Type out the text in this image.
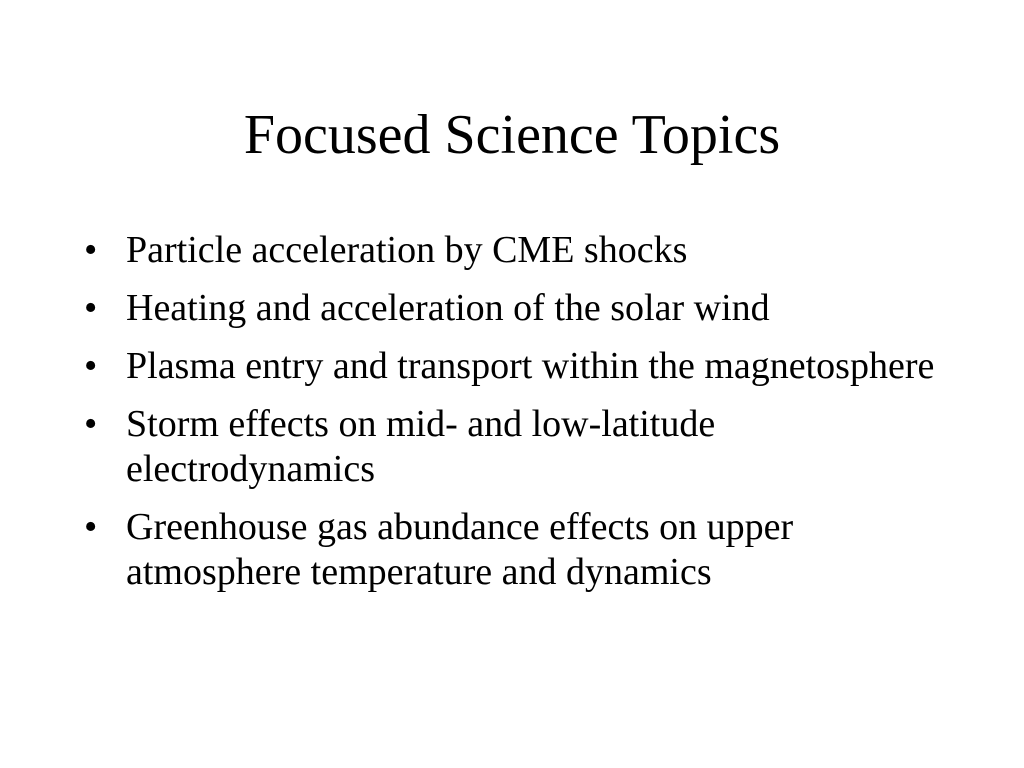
Focused Science Topics
• Particle acceleration by CME shocks
• Heating and acceleration of the solar wind
• Plasma entry and transport within the magnetosphere
• Storm effects on mid- and low-latitude electrodynamics
• Greenhouse gas abundance effects on upper atmosphere temperature and dynamics
